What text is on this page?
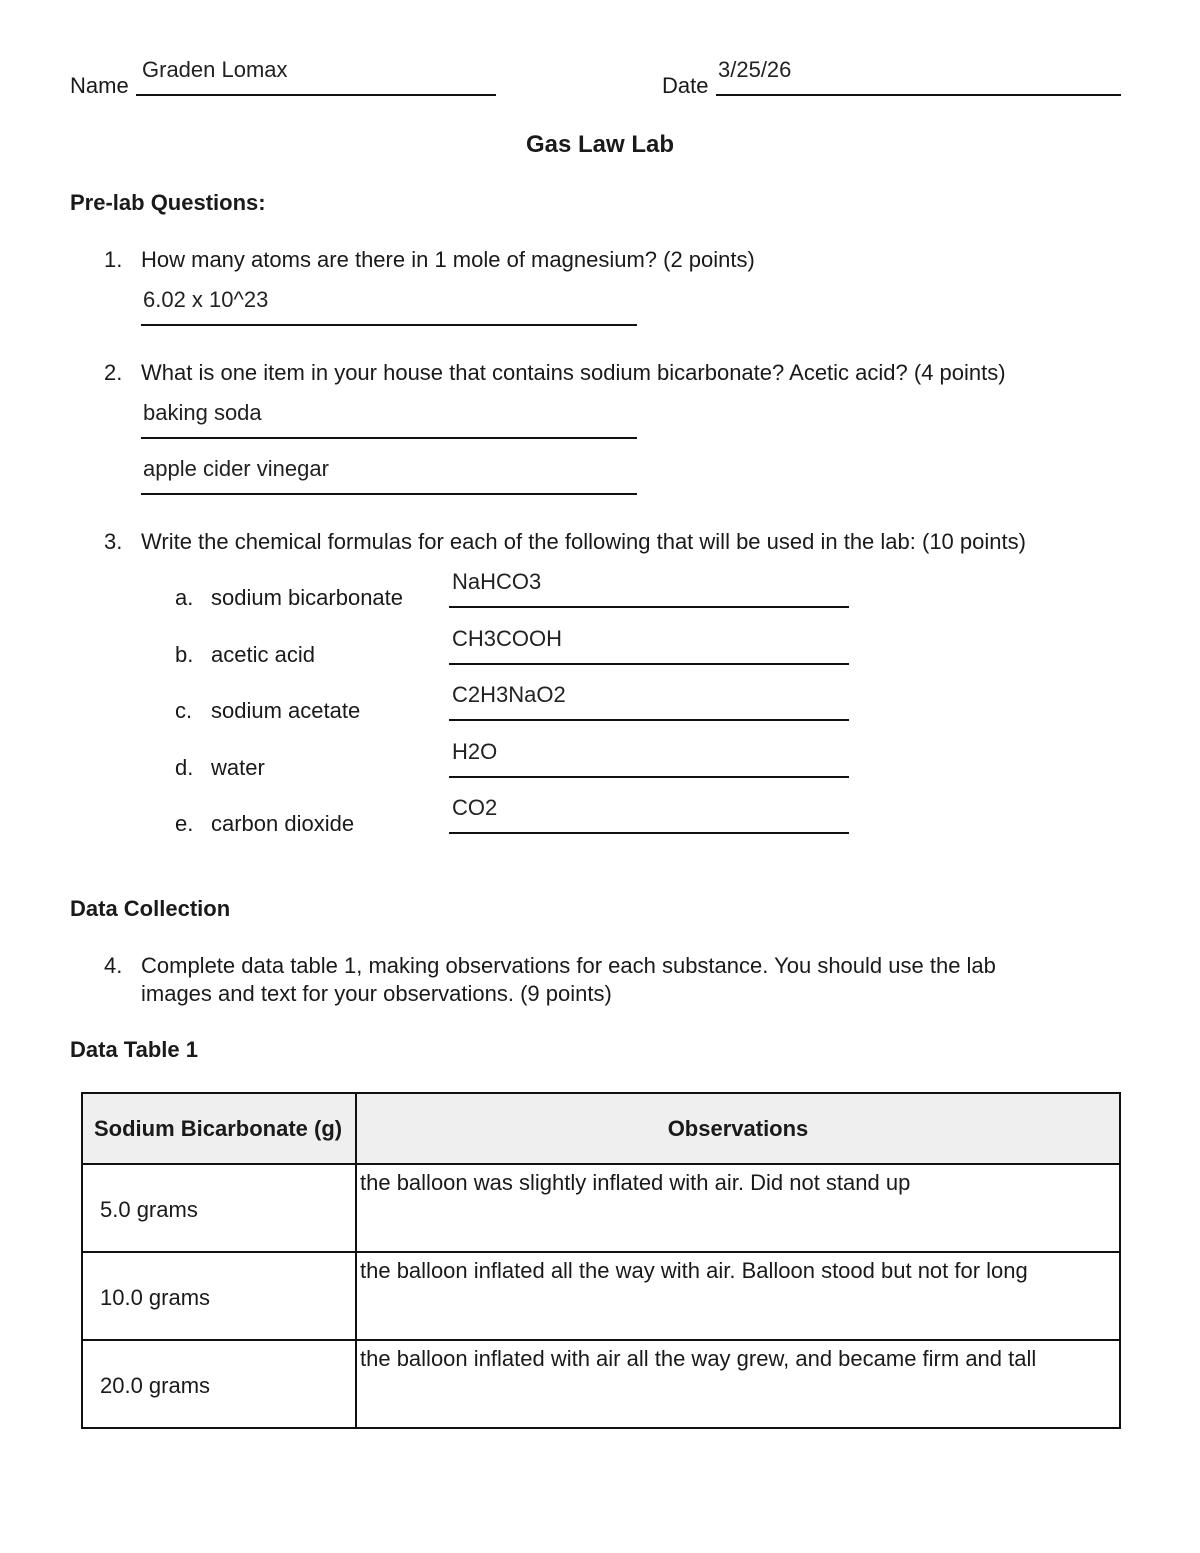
Name
Graden Lomax
Date
3/25/26
Gas Law Lab
Pre-lab Questions:
1. How many atoms are there in 1 mole of magnesium? (2 points)
6.02 x 10^23
2. What is one item in your house that contains sodium bicarbonate? Acetic acid? (4 points)
baking soda
apple cider vinegar
3. Write the chemical formulas for each of the following that will be used in the lab: (10 points)
a. sodium bicarbonate
NaHCO3
b. acetic acid
CH3COOH
c. sodium acetate
C2H3NaO2
d. water
H2O
e. carbon dioxide
CO2
Data Collection
4. Complete data table 1, making observations for each substance. You should use the lab
images and text for your observations. (9 points)
Data Table 1
Sodium Bicarbonate (g)	Observations
5.0 grams	the balloon was slightly inflated with air. Did not stand up
10.0 grams	the balloon inflated all the way with air. Balloon stood but not for long
20.0 grams	the balloon inflated with air all the way grew, and became firm and tall
